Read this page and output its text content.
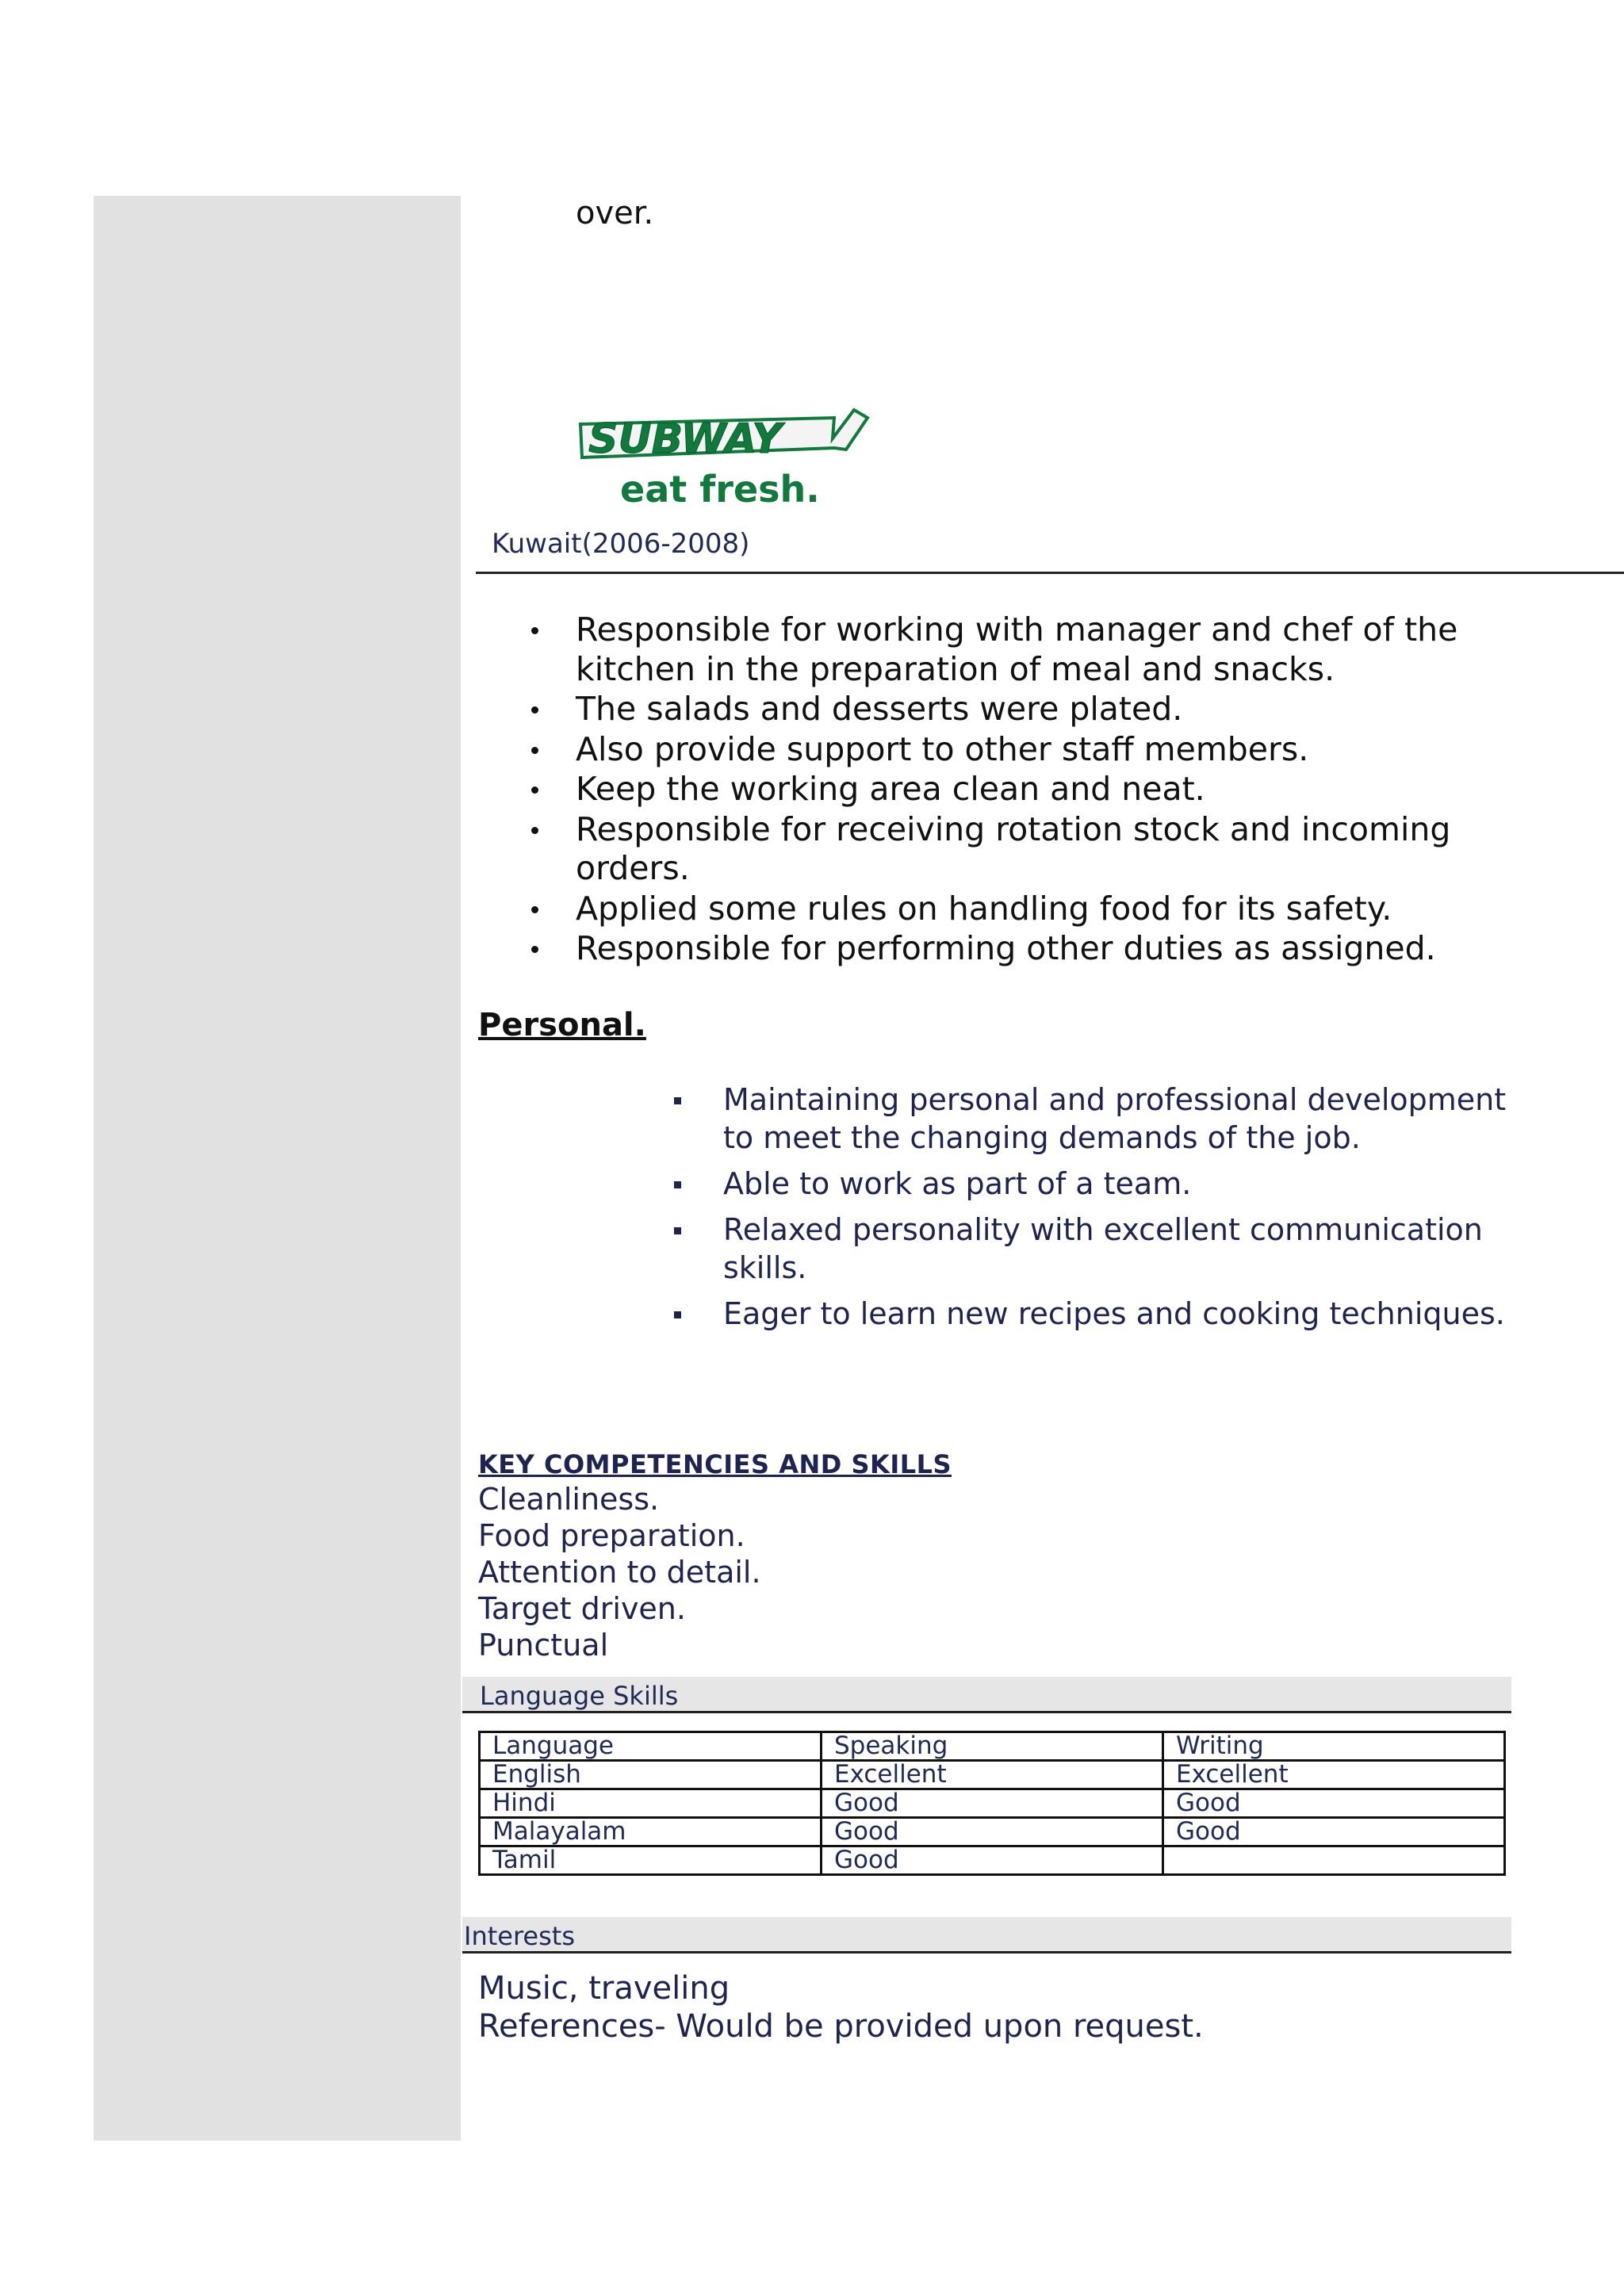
over.
SUBWAY
eat fresh.
Kuwait(2006-2008)
Responsible for working with manager and chef of the kitchen in the preparation of meal and snacks.
The salads and desserts were plated.
Also provide support to other staff members.
Keep the working area clean and neat.
Responsible for receiving rotation stock and incoming orders.
Applied some rules on handling food for its safety.
Responsible for performing other duties as assigned.
Personal.
Maintaining personal and professional development to meet the changing demands of the job.
Able to work as part of a team.
Relaxed personality with excellent communication skills.
Eager to learn new recipes and cooking techniques.
KEY COMPETENCIES AND SKILLS
Cleanliness.
Food preparation.
Attention to detail.
Target driven.
Punctual
Language Skills
Language	Speaking	Writing
English	Excellent	Excellent
Hindi	Good	Good
Malayalam	Good	Good
Tamil	Good	
Interests
Music, traveling
References- Would be provided upon request.
